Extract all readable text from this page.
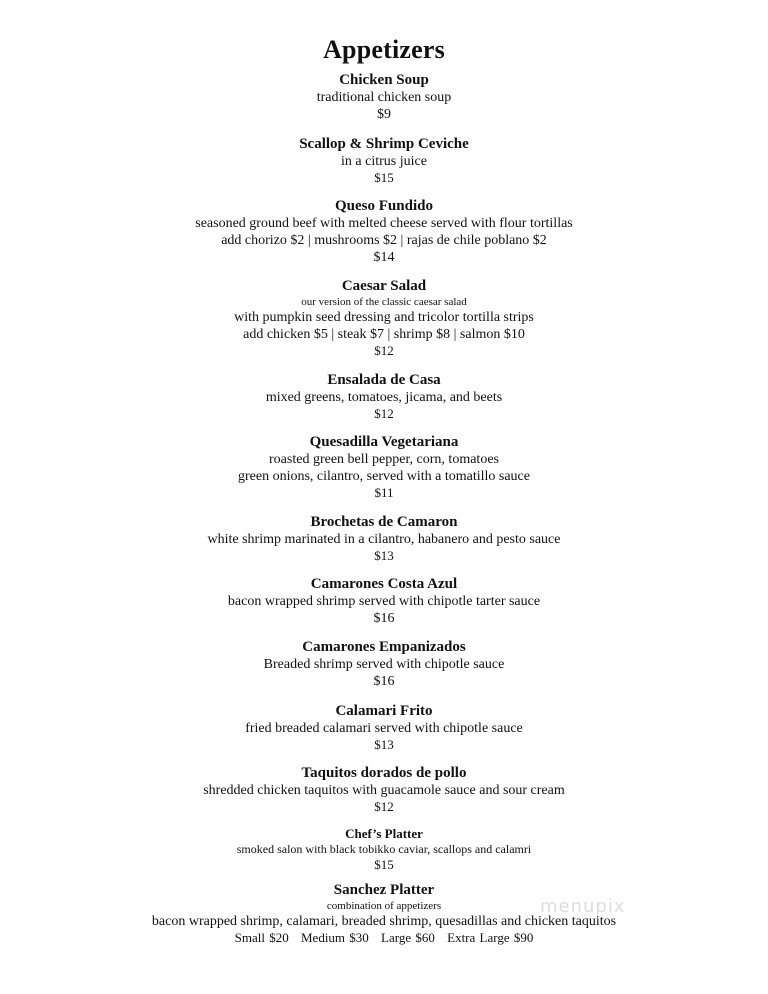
Appetizers
Chicken Soup
traditional chicken soup
$9
Scallop & Shrimp Ceviche
in a citrus juice
$15
Queso Fundido
seasoned ground beef with melted cheese served with flour tortillas
add chorizo $2 | mushrooms $2 | rajas de chile poblano $2
$14
Caesar Salad
our version of the classic caesar salad
with pumpkin seed dressing and tricolor tortilla strips
add chicken $5 | steak $7 | shrimp $8 | salmon $10
$12
Ensalada de Casa
mixed greens, tomatoes, jicama, and beets
$12
Quesadilla Vegetariana
roasted green bell pepper, corn, tomatoes
green onions, cilantro, served with a tomatillo sauce
$11
Brochetas de Camaron
white shrimp marinated in a cilantro, habanero and pesto sauce
$13
Camarones Costa Azul
bacon wrapped shrimp served with chipotle tarter sauce
$16
Camarones Empanizados
Breaded shrimp served with chipotle sauce
$16
Calamari Frito
fried breaded calamari served with chipotle sauce
$13
Taquitos dorados de pollo
shredded chicken taquitos with guacamole sauce and sour cream
$12
Chef’s Platter
smoked salon with black tobikko caviar, scallops and calamri
$15
Sanchez Platter
combination of appetizers
bacon wrapped shrimp, calamari, breaded shrimp, quesadillas and chicken taquitos
Small $20 Medium $30 Large $60 Extra Large $90
menupix
